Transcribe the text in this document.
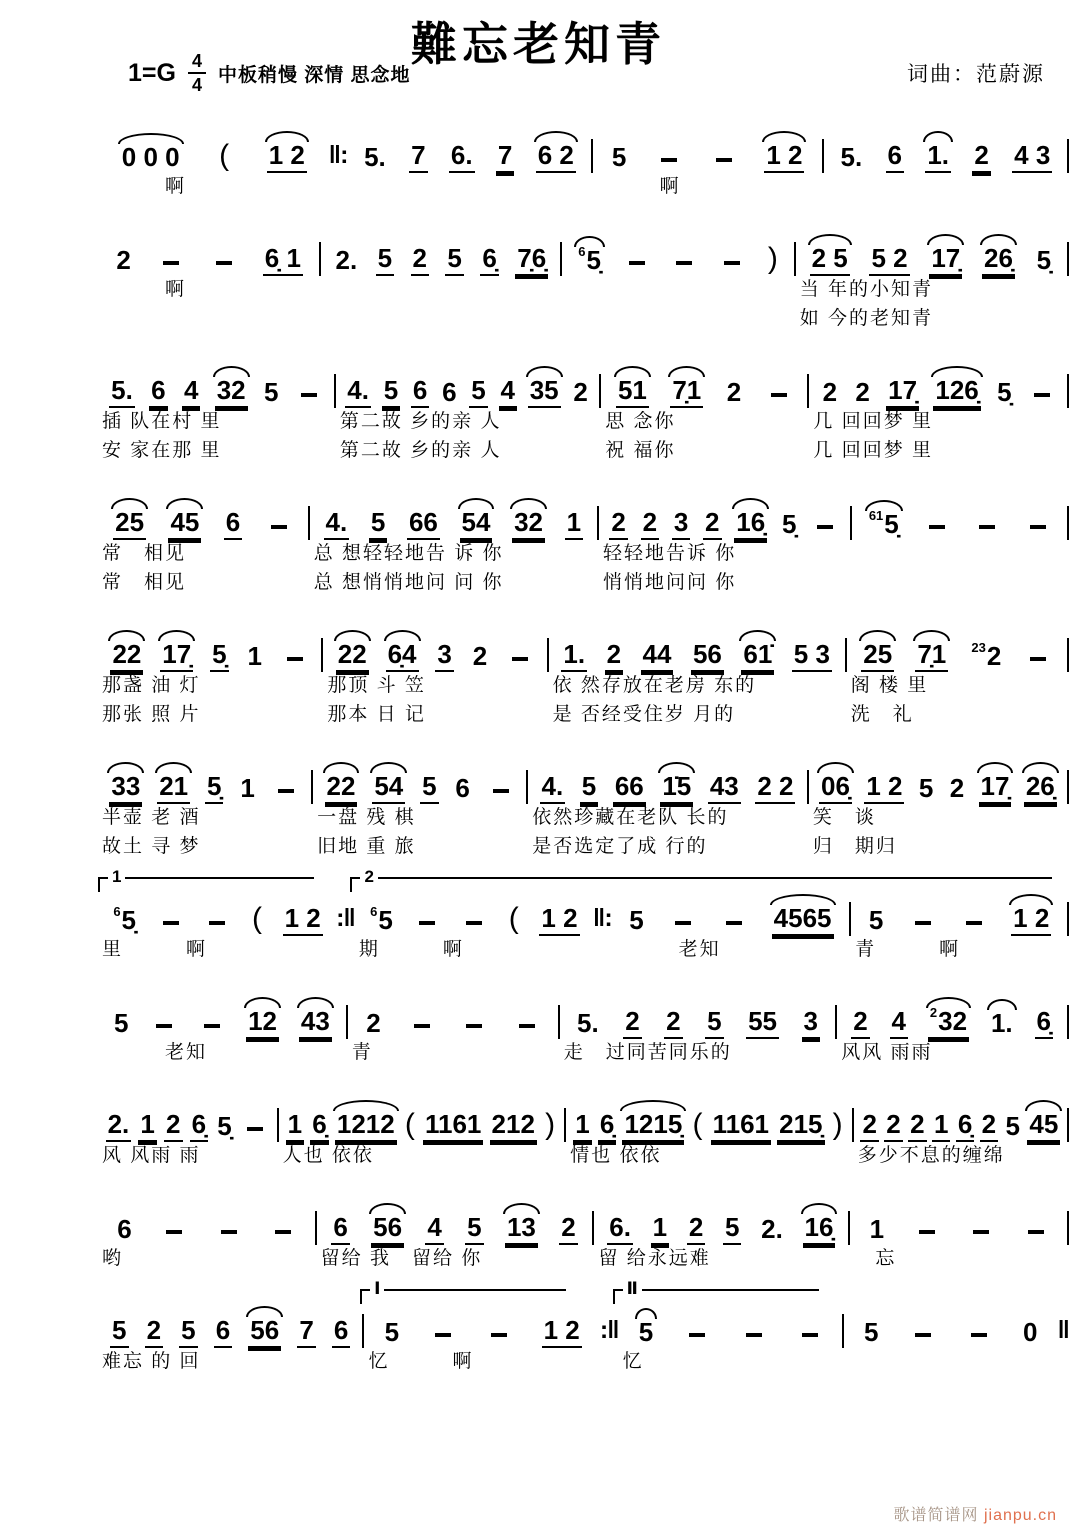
難忘老知青
$1=G \frac{4}{4}$ 中板稍慢 深情 思念地	词曲：范蔚源
0 0 0 ( 1 2
　　　啊
‖: 5. 7 6. 7 6 2 5	1 2
　　　啊
5. 6 1. 2 4 3
2	6̣ 1
　　　啊
2. 5 2 5 6̣ 7̣6̣ $^6$5̣	) 2 5 5 2 17̣ 26̣ 5̣
当 年的小知青
如 今的老知青
5. 6 4 32 5
插 队在村 里
安 家在那 里
4. 5 6 6 5 4 35 2
第二故 乡的亲 人
第二故 乡的亲 人
51 7̣1 2
思 念你
祝 福你
2 2 17̣ 126̣ 5̣
几 回回梦 里
几 回回梦 里
25 45 6
常　相见
常　相见
4. 5 66 54 32 1
总 想轻轻地告 诉 你
总 想悄悄地问 问 你
2 2 3 2 16̣ 5̣
轻轻地告诉 你
悄悄地问问 你
$^{61}$5̣
22 17̣ 5̣ 1
那盏 油 灯
那张 照 片
22 6̣4 3 2
那顶 斗 笠
那本 日 记
1. 2 44 56 61̇ 5 3
依 然存放在老房 东的
是 否经受住岁 月的
25 7̣1 $^{23}$2
阁 楼 里
洗　礼
33 21 5̣ 1
半壶 老 酒
故土 寻 梦
22 54 5 6
一盘 残 棋
旧地 重 旅
4. 5 66 1̇5 43 2 2
依然珍藏在老队 长的
是否选定了成 行的
06̣ 1 2 5 2 17̣ 26̣
笑　谈
归　期归
1	2
$^6$5̣	( 1 2
里　　　啊
:‖ $^6$5	( 1 2
期　　　啊
‖: 5	4565
　　　老知
5	1 2
青　　　啊
5	12 43
　　　老知
2
青
5. 2 2 5 55 3
走　过同苦同乐的
2 4 $^2$32 1. 6̣
风风 雨雨
2. 1 2 6̣ 5̣
风 风雨 雨
1 6̣ 1212 ( 1161 212 )
人也 依依
1 6̣ 1215̣ ( 1161 215̣ )
情也 依依
2 2 2 1 6̣ 2 5 45
多少不息的缠绵
6
哟
6 56 4 5 13 2
留给 我　留给 你
6. 1 2 5 2. 16̣
留 给永远难
1
　忘
Ⅰ	Ⅱ
5 2 5 6 56 7 6
难忘 的 回
5	1 2
忆　　　啊
:‖ 5
忆
5	0 ‖
歌谱简谱网 jianpu.cn
